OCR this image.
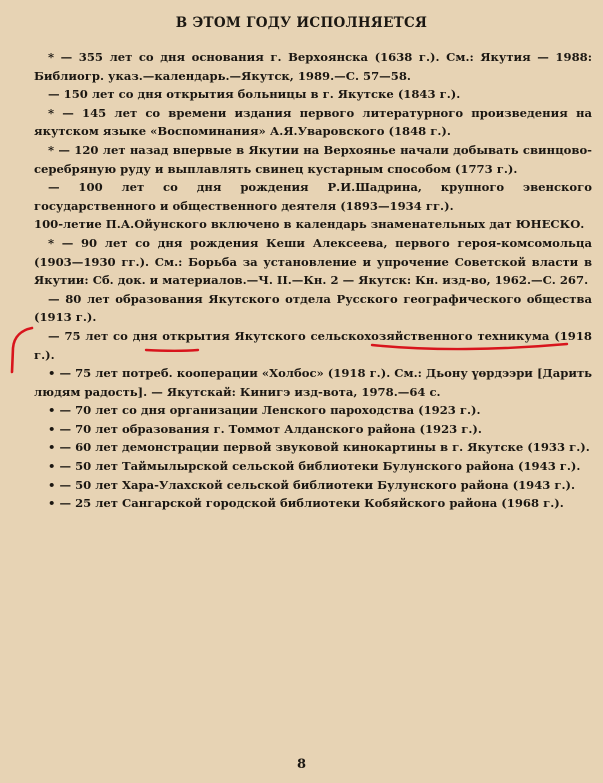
В ЭТОМ ГОДУ ИСПОЛНЯЕТСЯ

* — 355 лет со дня основания г. Верхоянска (1638 г.). См.: Якутия — 1988: Библиогр. указ.—календарь.—Якутск, 1989.—С. 57—58.

— 150 лет со дня открытия больницы в г. Якутске (1843 г.).

* — 145 лет со времени издания первого литературного произведения на якутском языке «Воспоминания» А.Я.Уваровского (1848 г.).

* — 120 лет назад впервые в Якутии на Верхоянье начали добывать свинцово-серебряную руду и выплавлять свинец кустарным способом (1773 г.).

— 100 лет со дня рождения Р.И.Шадрина, крупного эвенского государственного и общественного деятеля (1893—1934 гг.).

100-летие П.А.Ойунского включено в календарь знаменательных дат ЮНЕСКО.

* — 90 лет со дня рождения Кеши Алексеева, первого героя-комсомольца (1903—1930 гг.). См.: Борьба за установление и упрочение Советской власти в Якутии: Сб. док. и материалов.—Ч. II.—Кн. 2 — Якутск: Кн. изд-во, 1962.—С. 267.

— 80 лет образования Якутского отдела Русского географического общества (1913 г.).

— 75 лет со дня открытия Якутского сельскохозяйственного техникума (1918 г.).

• — 75 лет потреб. кооперации «Холбос» (1918 г.). См.: Дьону үөрдээри [Дарить людям радость]. — Якутскай: Кинигэ изд-вота, 1978.—64 с.

• — 70 лет со дня организации Ленского пароходства (1923 г.).

• — 70 лет образования г. Томмот Алданского района (1923 г.).

• — 60 лет демонстрации первой звуковой кинокартины в г. Якутске (1933 г.).

• — 50 лет Таймылырской сельской библиотеки Булунского района (1943 г.).

• — 50 лет Хара-Улахской сельской библиотеки Булунского района (1943 г.).

• — 25 лет Сангарской городской библиотеки Кобяйского района (1968 г.).

8
